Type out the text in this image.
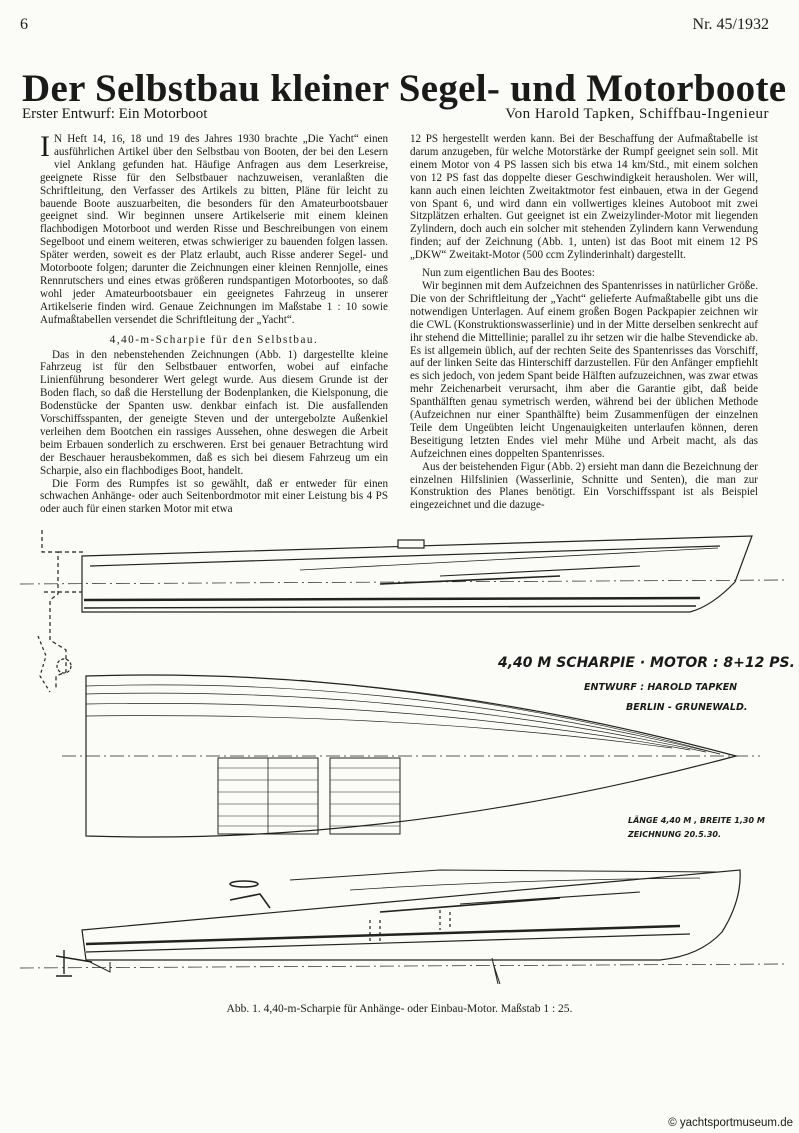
6	Nr. 45/1932
Der Selbstbau kleiner Segel- und Motorboote
Erster Entwurf: Ein Motorboot	Von Harold Tapken, Schiffbau-Ingenieur

I N Heft 14, 16, 18 und 19 des Jahres 1930 brachte „Die Yacht“ einen ausführlichen Artikel über den Selbstbau von Booten, der bei den Lesern viel Anklang gefunden hat. Häufige Anfragen aus dem Leserkreise, geeignete Risse für den Selbstbauer nachzuweisen, veranlaßten die Schriftleitung, den Verfasser des Artikels zu bitten, Pläne für leicht zu bauende Boote auszuarbeiten, die besonders für den Amateurbootsbauer geeignet sind. Wir beginnen unsere Artikelserie mit einem kleinen flachbodigen Motorboot und werden Risse und Beschreibungen von einem Segelboot und einem weiteren, etwas schwieriger zu bauenden folgen lassen. Später werden, soweit es der Platz erlaubt, auch Risse anderer Segel- und Motorboote folgen; darunter die Zeichnungen einer kleinen Rennjolle, eines Rennrutschers und eines etwas größeren rundspantigen Motorbootes, so daß wohl jeder Amateurbootsbauer ein geeignetes Fahrzeug in unserer Artikelserie finden wird. Genaue Zeichnungen im Maßstabe 1 : 10 sowie Aufmaßtabellen versendet die Schriftleitung der „Yacht“.

4,40-m-Scharpie für den Selbstbau.

Das in den nebenstehenden Zeichnungen (Abb. 1) dargestellte kleine Fahrzeug ist für den Selbstbauer entworfen, wobei auf einfache Linienführung besonderer Wert gelegt wurde. Aus diesem Grunde ist der Boden flach, so daß die Herstellung der Bodenplanken, die Kielsponung, die Bodenstücke der Spanten usw. denkbar einfach ist. Die ausfallenden Vorschiffsspanten, der geneigte Steven und der untergebolzte Außenkiel verleihen dem Bootchen ein rassiges Aussehen, ohne deswegen die Arbeit beim Erbauen sonderlich zu erschweren. Erst bei genauer Betrachtung wird der Beschauer herausbekommen, daß es sich bei diesem Fahrzeug um ein Scharpie, also ein flachbodiges Boot, handelt.

Die Form des Rumpfes ist so gewählt, daß er entweder für einen schwachen Anhänge- oder auch Seitenbordmotor mit einer Leistung bis 4 PS oder auch für einen starken Motor mit etwa

12 PS hergestellt werden kann. Bei der Beschaffung der Aufmaßtabelle ist darum anzugeben, für welche Motorstärke der Rumpf geeignet sein soll. Mit einem Motor von 4 PS lassen sich bis etwa 14 km/Std., mit einem solchen von 12 PS fast das doppelte dieser Geschwindigkeit herausholen. Wer will, kann auch einen leichten Zweitaktmotor fest einbauen, etwa in der Gegend von Spant 6, und wird dann ein vollwertiges kleines Autoboot mit zwei Sitzplätzen erhalten. Gut geeignet ist ein Zweizylinder-Motor mit liegenden Zylindern, doch auch ein solcher mit stehenden Zylindern kann Verwendung finden; auf der Zeichnung (Abb. 1, unten) ist das Boot mit einem 12 PS „DKW“ Zweitakt-Motor (500 ccm Zylinderinhalt) dargestellt.

Nun zum eigentlichen Bau des Bootes:

Wir beginnen mit dem Aufzeichnen des Spantenrisses in natürlicher Größe. Die von der Schriftleitung der „Yacht“ gelieferte Aufmaßtabelle gibt uns die notwendigen Unterlagen. Auf einem großen Bogen Packpapier zeichnen wir die CWL (Konstruktionswasserlinie) und in der Mitte derselben senkrecht auf ihr stehend die Mittellinie; parallel zu ihr setzen wir die halbe Stevendicke ab. Es ist allgemein üblich, auf der rechten Seite des Spantenrisses das Vorschiff, auf der linken Seite das Hinterschiff darzustellen. Für den Anfänger empfiehlt es sich jedoch, von jedem Spant beide Hälften aufzuzeichnen, was zwar etwas mehr Zeichenarbeit verursacht, ihm aber die Garantie gibt, daß beide Spanthälften genau symetrisch werden, während bei der üblichen Methode (Aufzeichnen nur einer Spanthälfte) beim Zusammenfügen der einzelnen Teile dem Ungeübten leicht Ungenauigkeiten unterlaufen können, deren Beseitigung letzten Endes viel mehr Mühe und Arbeit macht, als das Aufzeichnen eines doppelten Spantenrisses.

Aus der beistehenden Figur (Abb. 2) ersieht man dann die Bezeichnung der einzelnen Hilfslinien (Wasserlinie, Schnitte und Senten), die man zur Konstruktion des Planes benötigt. Ein Vorschiffsspant ist als Beispiel eingezeichnet und die dazuge-

4,40 M SCHARPIE · MOTOR : 8+12 PS.
ENTWURF : HAROLD TAPKEN
BERLIN - GRUNEWALD.
LÄNGE 4,40 M , BREITE 1,30 M
ZEICHNUNG 20.5.30.
Abb. 1. 4,40-m-Scharpie für Anhänge- oder Einbau-Motor. Maßstab 1 : 25.
© yachtsportmuseum.de
